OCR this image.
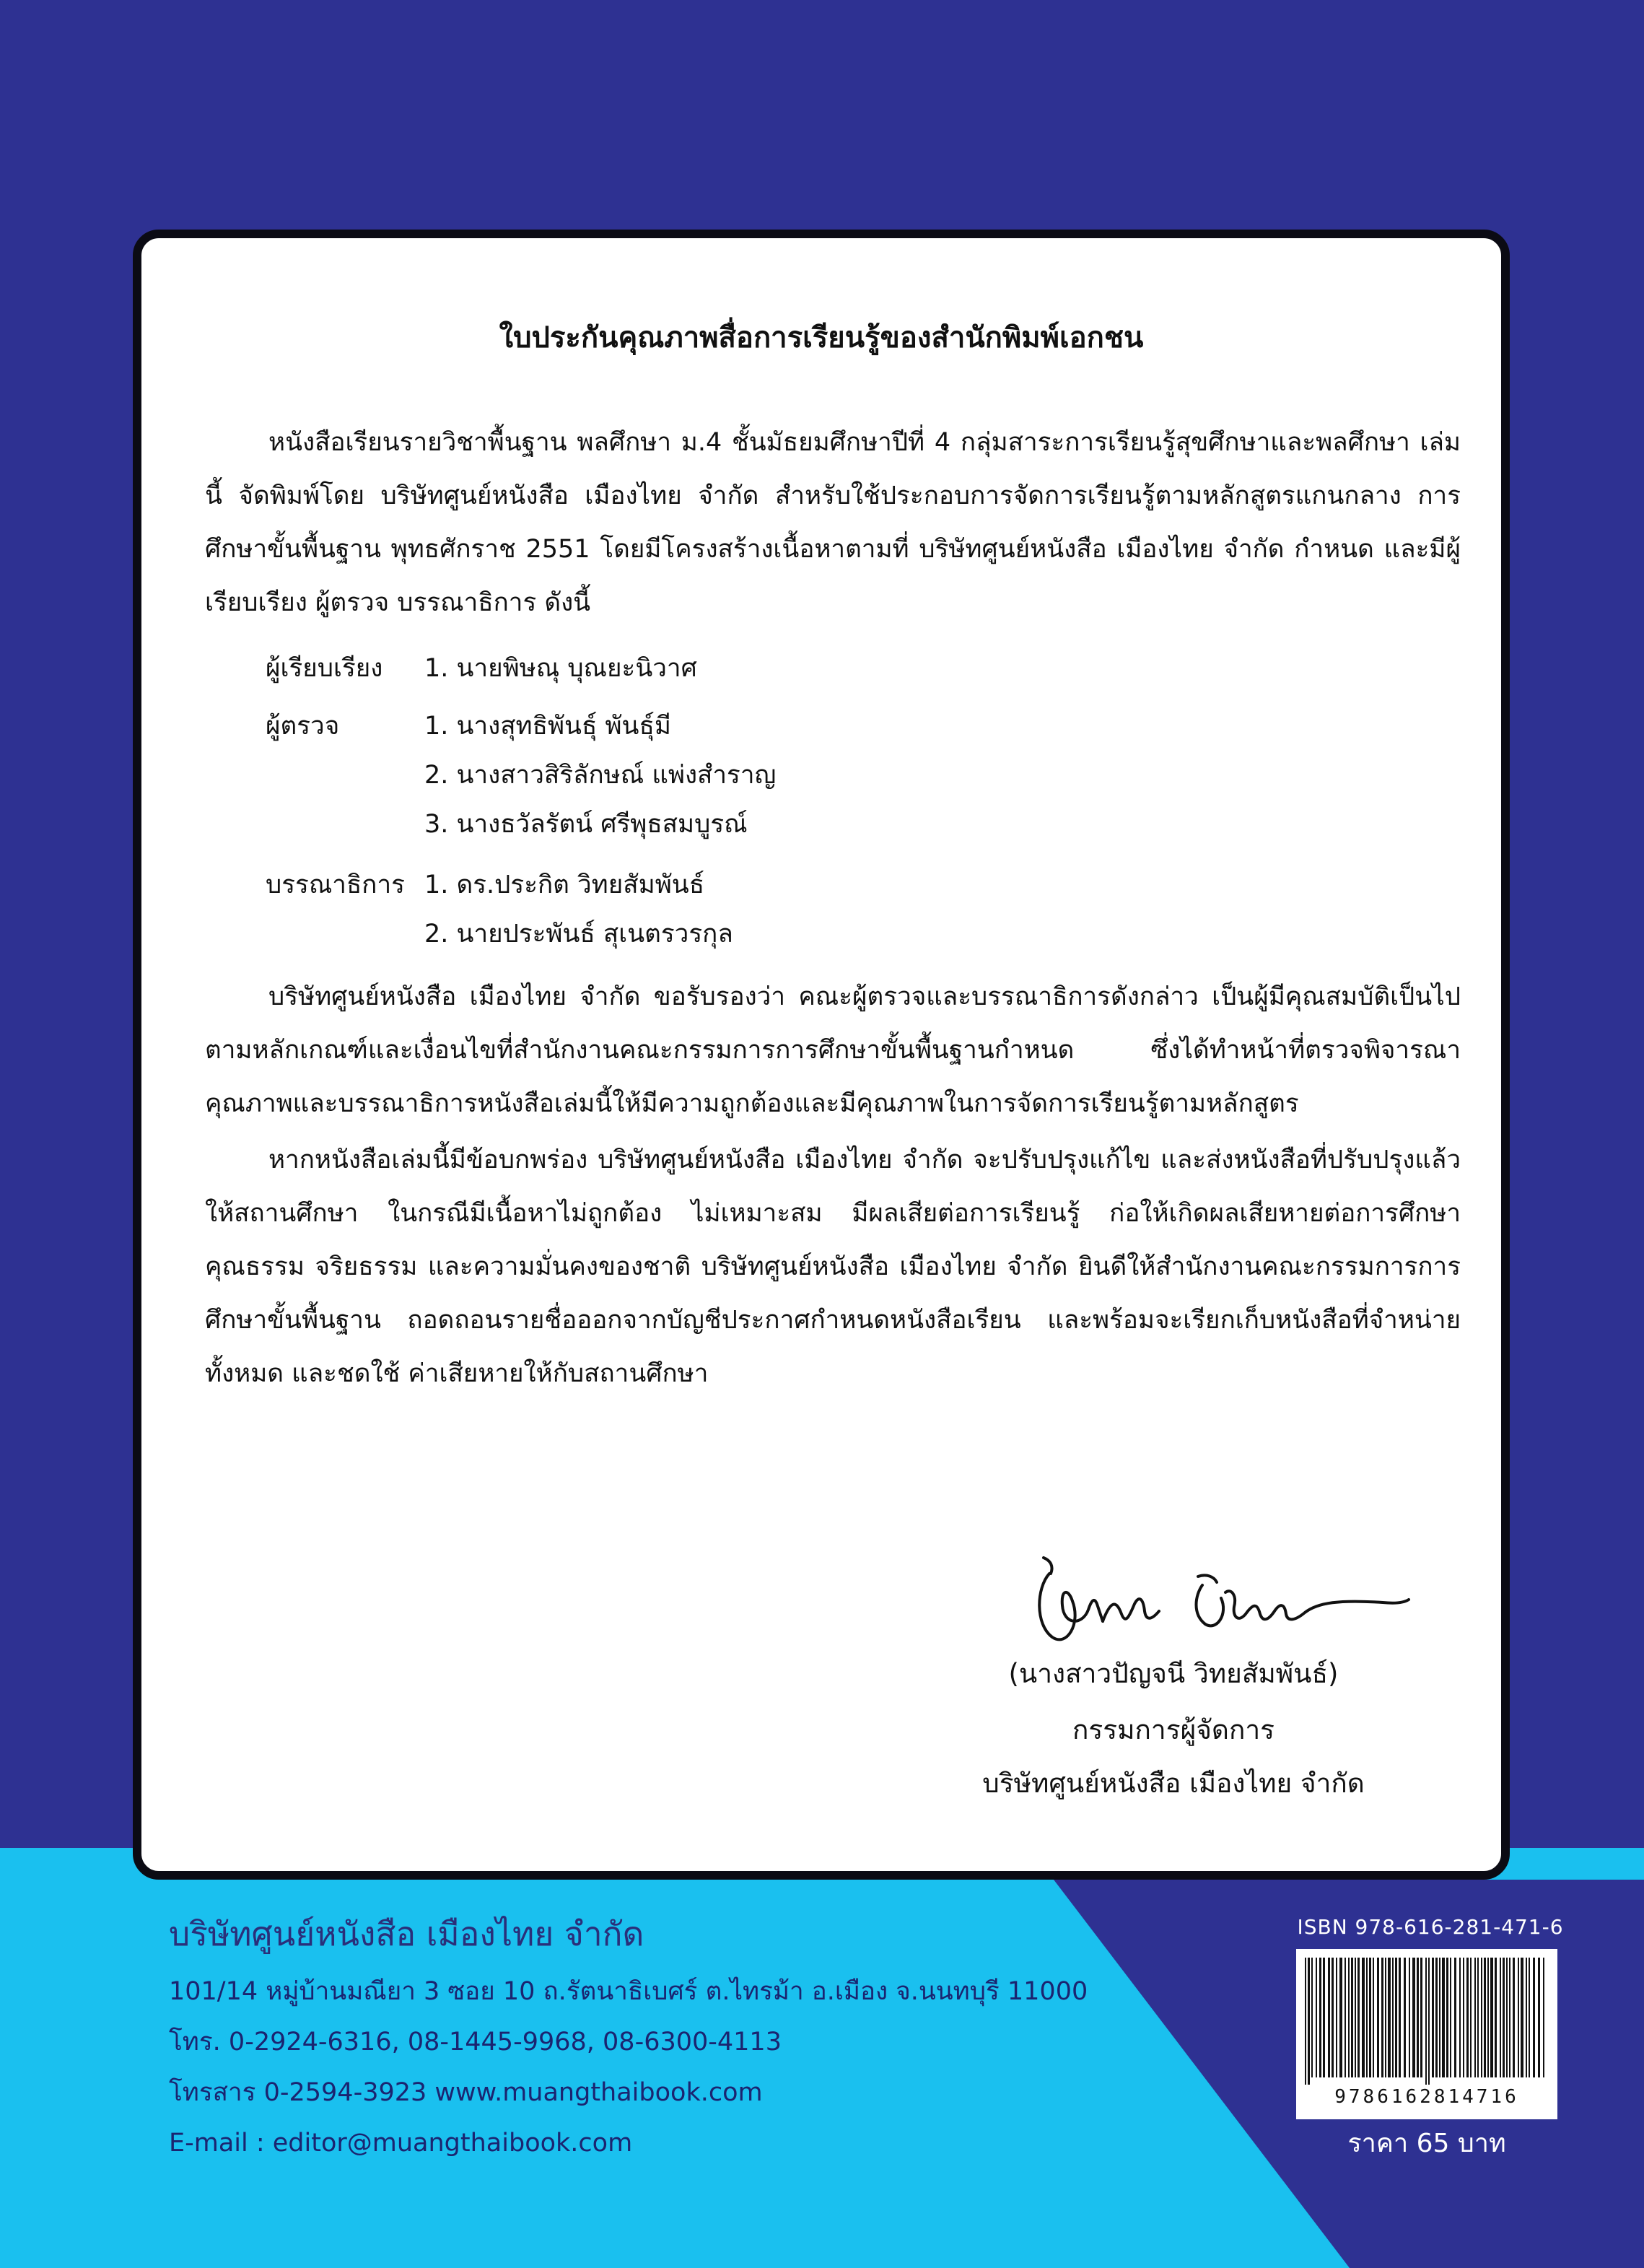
ใบประกันคุณภาพสื่อการเรียนรู้ของสำนักพิมพ์เอกชน
หนังสือเรียนรายวิชาพื้นฐาน พลศึกษา ม.4 ชั้นมัธยมศึกษาปีที่ 4 กลุ่มสาระการเรียนรู้สุขศึกษาและพลศึกษา เล่มนี้ จัดพิมพ์โดย บริษัทศูนย์หนังสือ เมืองไทย จำกัด สำหรับใช้ประกอบการจัดการเรียนรู้ตามหลักสูตรแกนกลาง การศึกษาขั้นพื้นฐาน พุทธศักราช 2551 โดยมีโครงสร้างเนื้อหาตามที่ บริษัทศูนย์หนังสือ เมืองไทย จำกัด กำหนด และมีผู้เรียบเรียง ผู้ตรวจ บรรณาธิการ ดังนี้
ผู้เรียบเรียง 1. นายพิษณุ บุณยะนิวาศ
ผู้ตรวจ	1. นางสุทธิพันธุ์ พันธุ์มี
2. นางสาวสิริลักษณ์ แพ่งสำราญ
3. นางธวัลรัตน์ ศรีพุธสมบูรณ์
บรรณาธิการ 1. ดร.ประกิต วิทยสัมพันธ์
2. นายประพันธ์ สุเนตรวรกุล
บริษัทศูนย์หนังสือ เมืองไทย จำกัด ขอรับรองว่า คณะผู้ตรวจและบรรณาธิการดังกล่าว เป็นผู้มีคุณสมบัติเป็นไปตามหลักเกณฑ์และเงื่อนไขที่สำนักงานคณะกรรมการการศึกษาขั้นพื้นฐานกำหนด ซึ่งได้ทำหน้าที่ตรวจพิจารณาคุณภาพและบรรณาธิการหนังสือเล่มนี้ให้มีความถูกต้องและมีคุณภาพในการจัดการเรียนรู้ตามหลักสูตร
หากหนังสือเล่มนี้มีข้อบกพร่อง บริษัทศูนย์หนังสือ เมืองไทย จำกัด จะปรับปรุงแก้ไข และส่งหนังสือที่ปรับปรุงแล้ว ให้สถานศึกษา ในกรณีมีเนื้อหาไม่ถูกต้อง ไม่เหมาะสม มีผลเสียต่อการเรียนรู้ ก่อให้เกิดผลเสียหายต่อการศึกษา คุณธรรม จริยธรรม และความมั่นคงของชาติ บริษัทศูนย์หนังสือ เมืองไทย จำกัด ยินดีให้สำนักงานคณะกรรมการการศึกษาขั้นพื้นฐาน ถอดถอนรายชื่อออกจากบัญชีประกาศกำหนดหนังสือเรียน และพร้อมจะเรียกเก็บหนังสือที่จำหน่ายทั้งหมด และชดใช้ ค่าเสียหายให้กับสถานศึกษา
(นางสาวปัญจนี วิทยสัมพันธ์)
กรรมการผู้จัดการ
บริษัทศูนย์หนังสือ เมืองไทย จำกัด
บริษัทศูนย์หนังสือ เมืองไทย จำกัด
101/14 หมู่บ้านมณียา 3 ซอย 10 ถ.รัตนาธิเบศร์ ต.ไทรม้า อ.เมือง จ.นนทบุรี 11000
โทร. 0-2924-6316, 08-1445-9968, 08-6300-4113
โทรสาร 0-2594-3923 www.muangthaibook.com
E-mail : editor@muangthaibook.com
ISBN 978-616-281-471-6
9786162814716
ราคา 65 บาท
